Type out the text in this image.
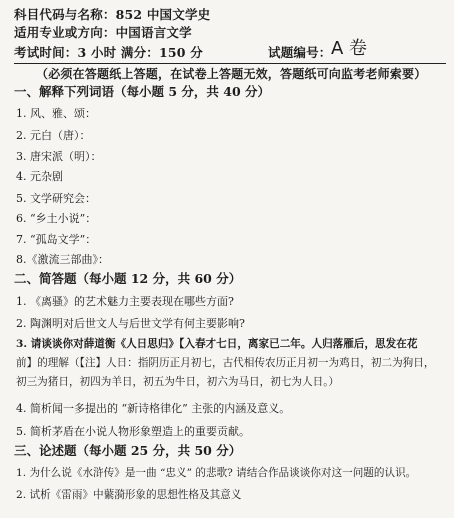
科目代码与名称：852 中国文学史
适用专业或方向：中国语言文学
考试时间：3 小时 满分：150 分	试题编号： A 卷
（必须在答题纸上答题，在试卷上答题无效，答题纸可向监考老师索要）
一、解释下列词语（每小题 5 分，共 40 分）
1. 风、雅、颂：
2. 元白（唐）：
3. 唐宋派（明）：
4. 元杂剧
5. 文学研究会：
6. “乡土小说”：
7. “孤岛文学”：
8.《激流三部曲》：
二、简答题（每小题 12 分，共 60 分）
1. 《离骚》的艺术魅力主要表现在哪些方面?
2. 陶渊明对后世文人与后世文学有何主要影响?
3. 请谈谈你对薛道衡《人日思归》【入春才七日，离家已二年。人归落雁后，思发在花
前】的理解（【注】人日：指阴历正月初七，古代相传农历正月初一为鸡日，初二为狗日，
初三为猪日，初四为羊日，初五为牛日，初六为马日，初七为人日。）
4. 简析闻一多提出的 “新诗格律化” 主张的内涵及意义。
5. 简析茅盾在小说人物形象塑造上的重要贡献。
三、论述题（每小题 25 分，共 50 分）
1. 为什么说《水浒传》是一曲 “忠义” 的悲歌? 请结合作品谈谈你对这一问题的认识。
2. 试析《雷雨》中蘩漪形象的思想性格及其意义
